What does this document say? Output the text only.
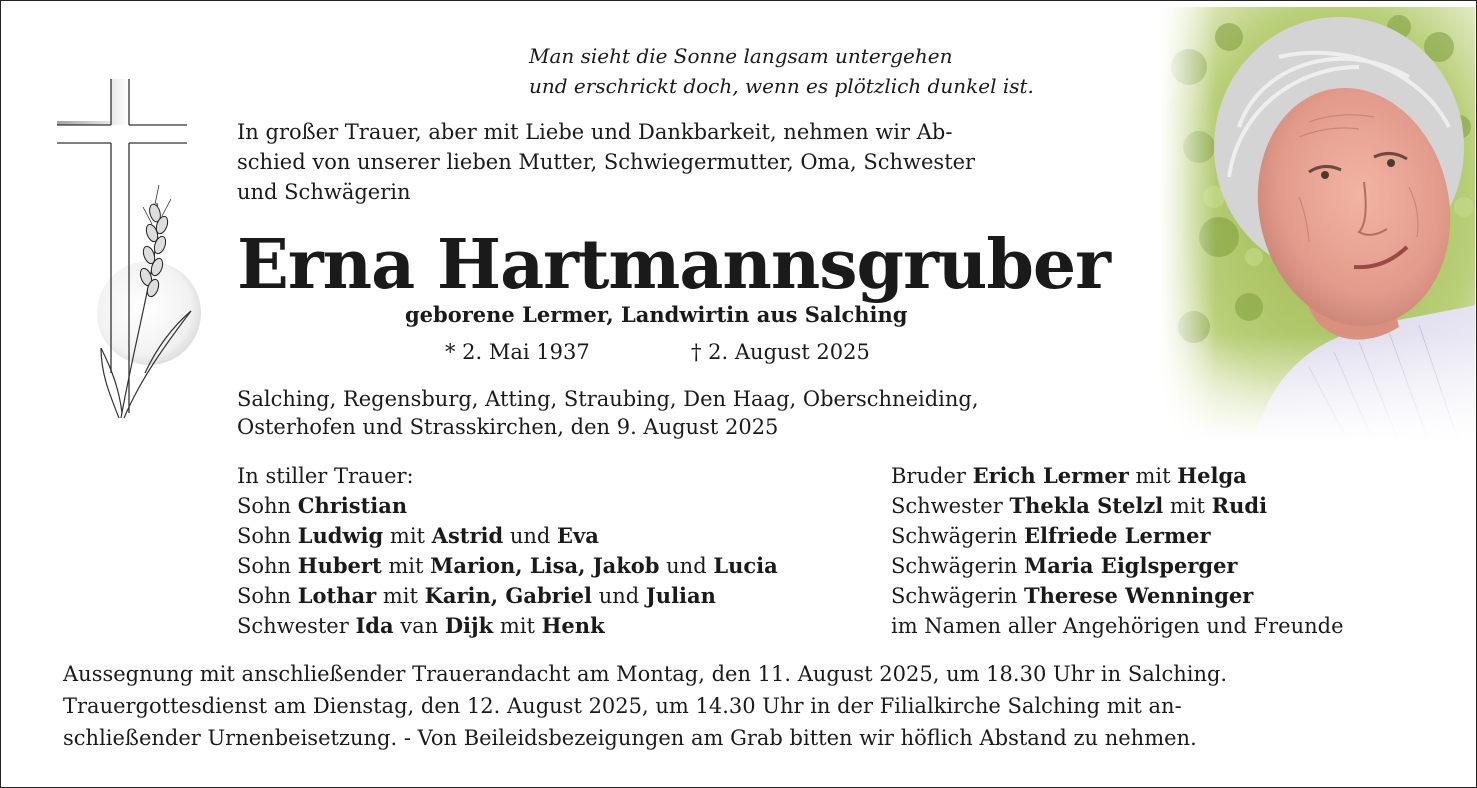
Man sieht die Sonne langsam untergehen
und erschrickt doch, wenn es plötzlich dunkel ist.
In großer Trauer, aber mit Liebe und Dankbarkeit, nehmen wir Ab-
schied von unserer lieben Mutter, Schwiegermutter, Oma, Schwester
und Schwägerin
Erna Hartmannsgruber
geborene Lermer, Landwirtin aus Salching
* 2. Mai 1937	† 2. August 2025
Salching, Regensburg, Atting, Straubing, Den Haag, Oberschneiding,
Osterhofen und Strasskirchen, den 9. August 2025
In stiller Trauer:
Sohn Christian
Sohn Ludwig mit Astrid und Eva
Sohn Hubert mit Marion, Lisa, Jakob und Lucia
Sohn Lothar mit Karin, Gabriel und Julian
Schwester Ida van Dijk mit Henk
Bruder Erich Lermer mit Helga
Schwester Thekla Stelzl mit Rudi
Schwägerin Elfriede Lermer
Schwägerin Maria Eiglsperger
Schwägerin Therese Wenninger
im Namen aller Angehörigen und Freunde
Aussegnung mit anschließender Trauerandacht am Montag, den 11. August 2025, um 18.30 Uhr in Salching.
Trauergottesdienst am Dienstag, den 12. August 2025, um 14.30 Uhr in der Filialkirche Salching mit an-
schließender Urnenbeisetzung. - Von Beileidsbezeigungen am Grab bitten wir höflich Abstand zu nehmen.
